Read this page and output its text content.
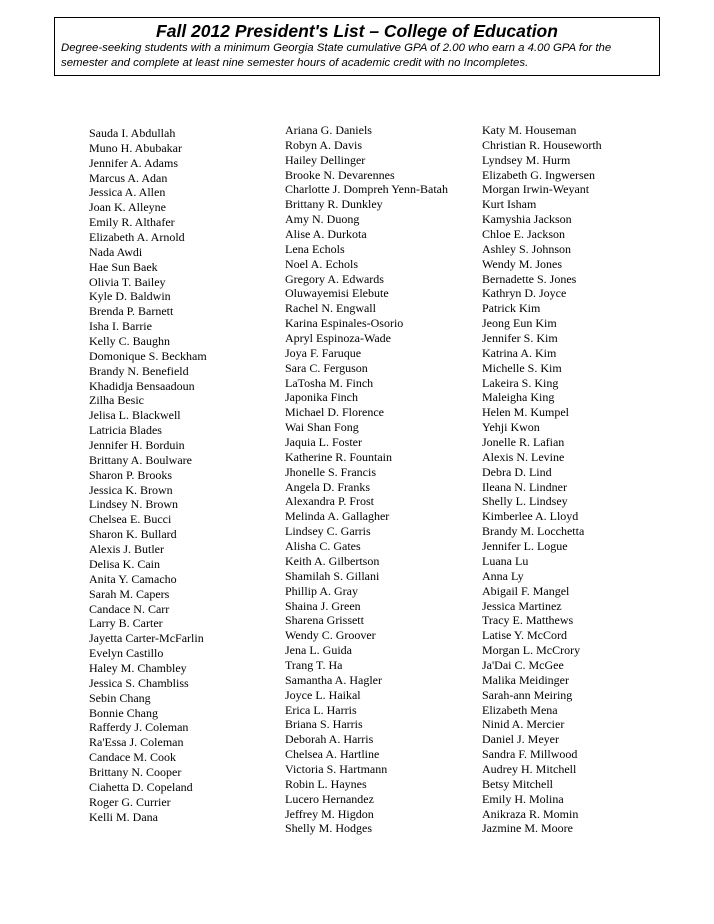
Fall 2012 President's List – College of Education
Degree-seeking students with a minimum Georgia State cumulative GPA of 2.00 who earn a 4.00 GPA for the semester and complete at least nine semester hours of academic credit with no Incompletes.
Sauda I. Abdullah
Muno H. Abubakar
Jennifer A. Adams
Marcus A. Adan
Jessica A. Allen
Joan K. Alleyne
Emily R. Althafer
Elizabeth A. Arnold
Nada Awdi
Hae Sun Baek
Olivia T. Bailey
Kyle D. Baldwin
Brenda P. Barnett
Isha I. Barrie
Kelly C. Baughn
Domonique S. Beckham
Brandy N. Benefield
Khadidja Bensaadoun
Zilha Besic
Jelisa L. Blackwell
Latricia Blades
Jennifer H. Borduin
Brittany A. Boulware
Sharon P. Brooks
Jessica K. Brown
Lindsey N. Brown
Chelsea E. Bucci
Sharon K. Bullard
Alexis J. Butler
Delisa K. Cain
Anita Y. Camacho
Sarah M. Capers
Candace N. Carr
Larry B. Carter
Jayetta Carter-McFarlin
Evelyn Castillo
Haley M. Chambley
Jessica S. Chambliss
Sebin Chang
Bonnie Chang
Rafferdy J. Coleman
Ra'Essa J. Coleman
Candace M. Cook
Brittany N. Cooper
Ciahetta D. Copeland
Roger G. Currier
Kelli M. Dana
Ariana G. Daniels
Robyn A. Davis
Hailey Dellinger
Brooke N. Devarennes
Charlotte J. Dompreh Yenn-Batah
Brittany R. Dunkley
Amy N. Duong
Alise A. Durkota
Lena Echols
Noel A. Echols
Gregory A. Edwards
Oluwayemisi Elebute
Rachel N. Engwall
Karina Espinales-Osorio
Apryl Espinoza-Wade
Joya F. Faruque
Sara C. Ferguson
LaTosha M. Finch
Japonika Finch
Michael D. Florence
Wai Shan Fong
Jaquia L. Foster
Katherine R. Fountain
Jhonelle S. Francis
Angela D. Franks
Alexandra P. Frost
Melinda A. Gallagher
Lindsey C. Garris
Alisha C. Gates
Keith A. Gilbertson
Shamilah S. Gillani
Phillip A. Gray
Shaina J. Green
Sharena Grissett
Wendy C. Groover
Jena L. Guida
Trang T. Ha
Samantha A. Hagler
Joyce L. Haikal
Erica L. Harris
Briana S. Harris
Deborah A. Harris
Chelsea A. Hartline
Victoria S. Hartmann
Robin L. Haynes
Lucero Hernandez
Jeffrey M. Higdon
Shelly M. Hodges
Katy M. Houseman
Christian R. Houseworth
Lyndsey M. Hurm
Elizabeth G. Ingwersen
Morgan Irwin-Weyant
Kurt Isham
Kamyshia Jackson
Chloe E. Jackson
Ashley S. Johnson
Wendy M. Jones
Bernadette S. Jones
Kathryn D. Joyce
Patrick Kim
Jeong Eun Kim
Jennifer S. Kim
Katrina A. Kim
Michelle S. Kim
Lakeira S. King
Maleigha King
Helen M. Kumpel
Yehji Kwon
Jonelle R. Lafian
Alexis N. Levine
Debra D. Lind
Ileana N. Lindner
Shelly L. Lindsey
Kimberlee A. Lloyd
Brandy M. Locchetta
Jennifer L. Logue
Luana Lu
Anna Ly
Abigail F. Mangel
Jessica Martinez
Tracy E. Matthews
Latise Y. McCord
Morgan L. McCrory
Ja'Dai C. McGee
Malika Meidinger
Sarah-ann Meiring
Elizabeth Mena
Ninid A. Mercier
Daniel J. Meyer
Sandra F. Millwood
Audrey H. Mitchell
Betsy Mitchell
Emily H. Molina
Anikraza R. Momin
Jazmine M. Moore
